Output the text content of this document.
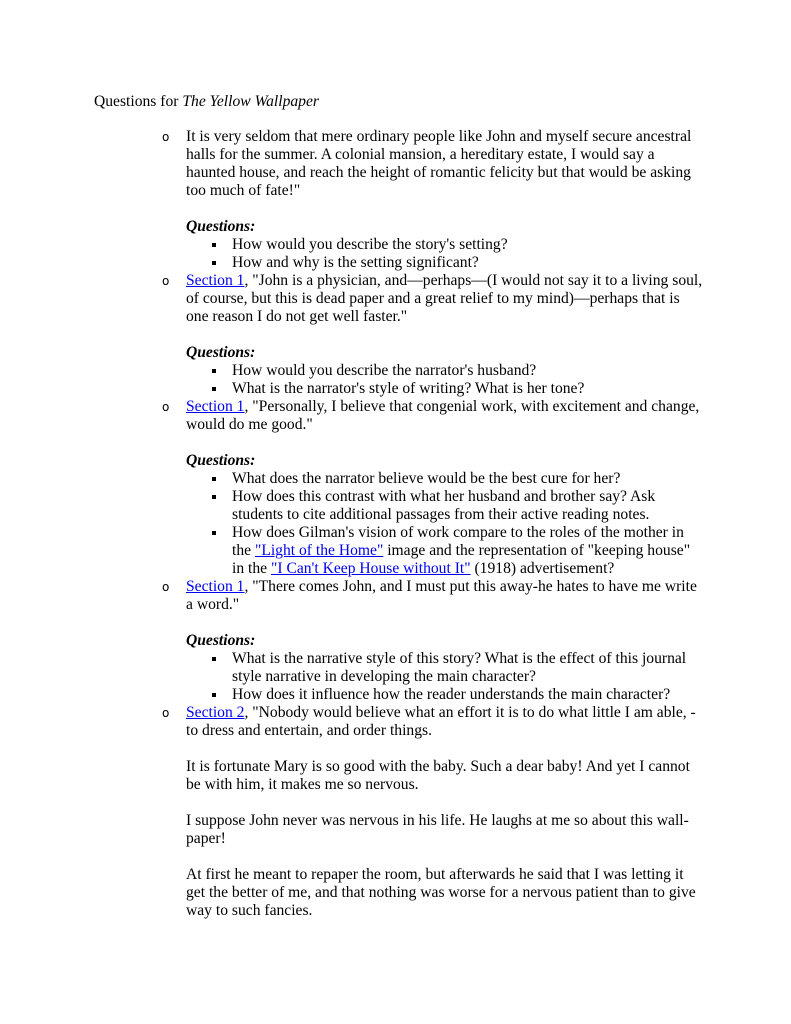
Questions for The Yellow Wallpaper
o It is very seldom that mere ordinary people like John and myself secure ancestral halls for the summer. A colonial mansion, a hereditary estate, I would say a haunted house, and reach the height of romantic felicity but that would be asking too much of fate!"

Questions:
How would you describe the story's setting?
How and why is the setting significant?
o Section 1, "John is a physician, and—perhaps—(I would not say it to a living soul, of course, but this is dead paper and a great relief to my mind)—perhaps that is one reason I do not get well faster."

Questions:
How would you describe the narrator's husband?
What is the narrator's style of writing? What is her tone?
o Section 1, "Personally, I believe that congenial work, with excitement and change, would do me good."

Questions:
What does the narrator believe would be the best cure for her?
How does this contrast with what her husband and brother say? Ask students to cite additional passages from their active reading notes.
How does Gilman's vision of work compare to the roles of the mother in the "Light of the Home" image and the representation of "keeping house" in the "I Can't Keep House without It" (1918) advertisement?
o Section 1, "There comes John, and I must put this away-he hates to have me write a word."

Questions:
What is the narrative style of this story? What is the effect of this journal style narrative in developing the main character?
How does it influence how the reader understands the main character?
o Section 2, "Nobody would believe what an effort it is to do what little I am able, - to dress and entertain, and order things.

It is fortunate Mary is so good with the baby. Such a dear baby! And yet I cannot be with him, it makes me so nervous.

I suppose John never was nervous in his life. He laughs at me so about this wall-paper!

At first he meant to repaper the room, but afterwards he said that I was letting it get the better of me, and that nothing was worse for a nervous patient than to give way to such fancies.
